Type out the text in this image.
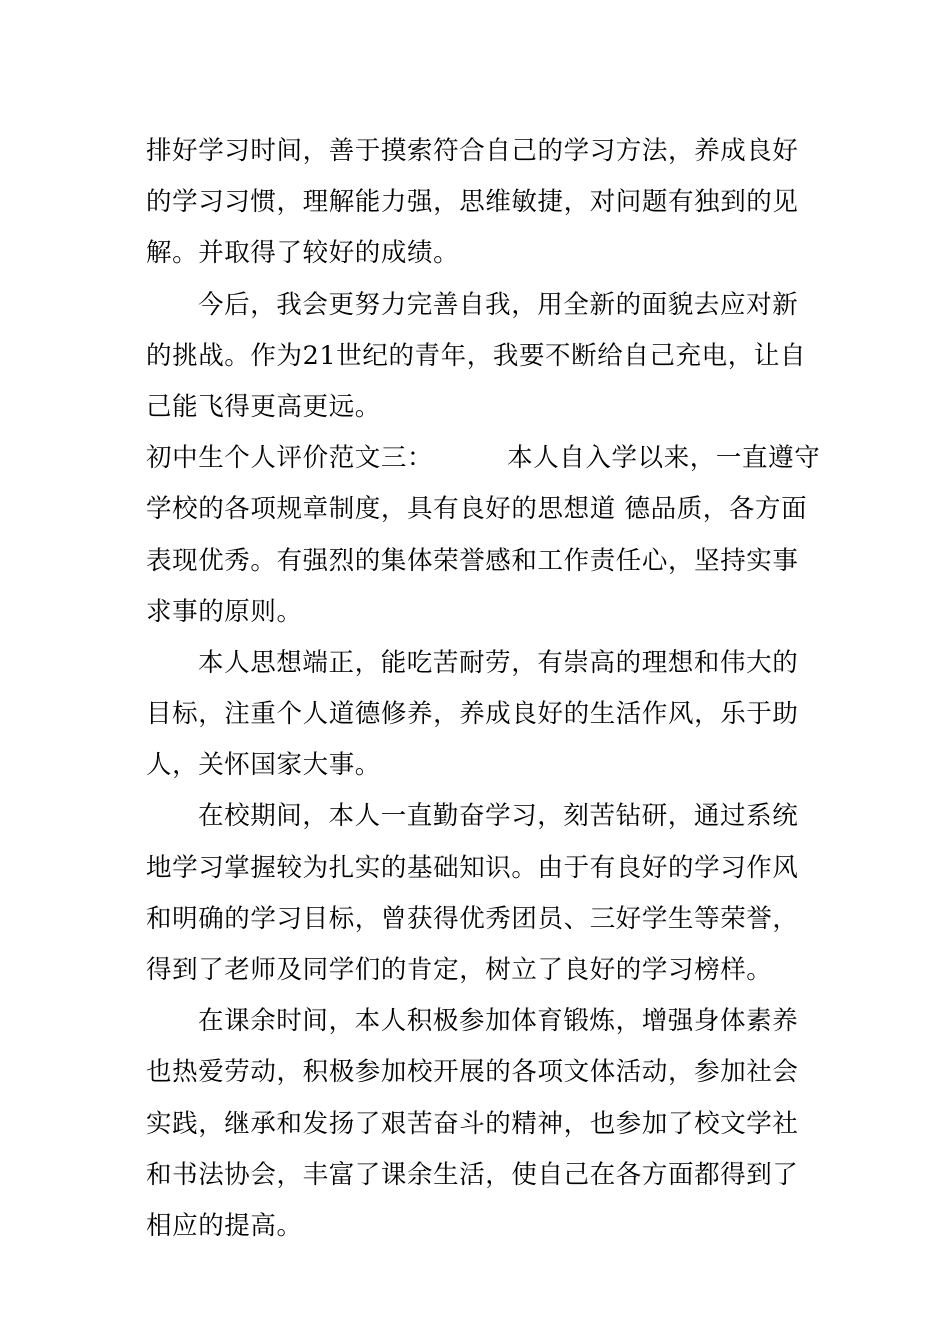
排好学习时间，善于摸索符合自己的学习方法，养成良好
的学习习惯，理解能力强，思维敏捷，对问题有独到的见
解。并取得了较好的成绩。
今后，我会更努力完善自我，用全新的面貌去应对新
的挑战。作为21世纪的青年，我要不断给自己充电，让自
己能飞得更高更远。
初中生个人评价范文三：	本人自入学以来，一直遵守
学校的各项规章制度，具有良好的思想道 德品质，各方面
表现优秀。有强烈的集体荣誉感和工作责任心，坚持实事
求事的原则。
本人思想端正，能吃苦耐劳，有崇高的理想和伟大的
目标，注重个人道德修养，养成良好的生活作风，乐于助
人，关怀国家大事。
在校期间，本人一直勤奋学习，刻苦钻研，通过系统
地学习掌握较为扎实的基础知识。由于有良好的学习作风
和明确的学习目标，曾获得优秀团员、三好学生等荣誉，
得到了老师及同学们的肯定，树立了良好的学习榜样。
在课余时间，本人积极参加体育锻炼，增强身体素养
也热爱劳动，积极参加校开展的各项文体活动，参加社会
实践，继承和发扬了艰苦奋斗的精神，也参加了校文学社
和书法协会，丰富了课余生活，使自己在各方面都得到了
相应的提高。
